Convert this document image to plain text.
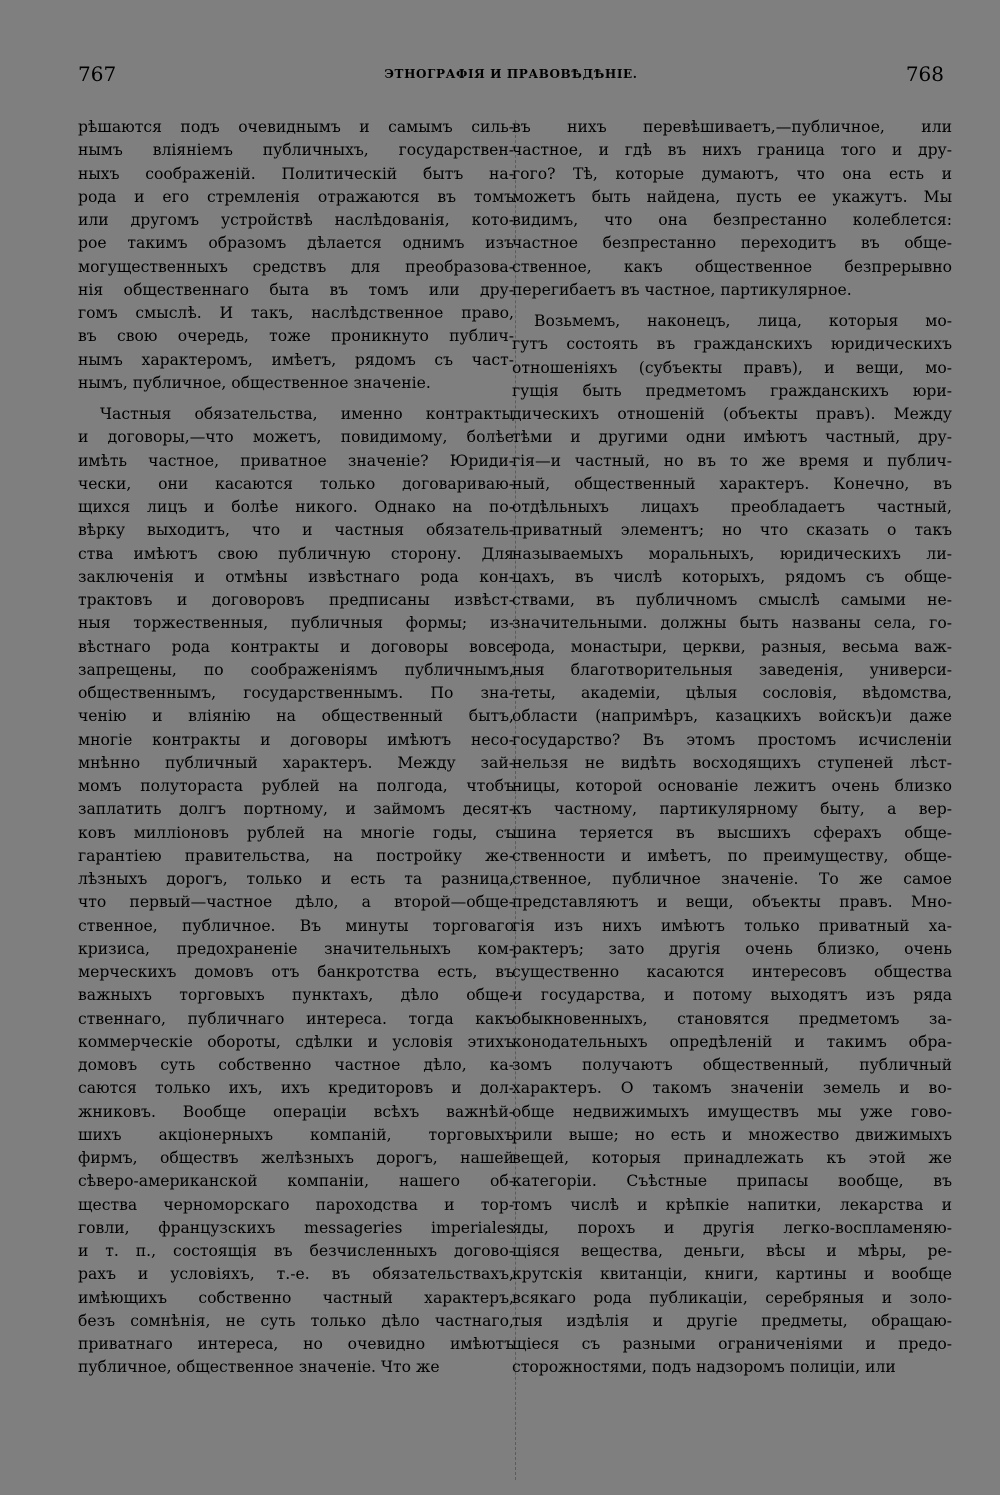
767	ЭТНОГРАФІЯ И ПРАВОВѢДѢНІЕ.	768
рѣшаются подъ очевиднымъ и самымъ силь-
нымъ вліяніемъ публичныхъ, государствен-
ныхъ соображеній. Политическій бытъ на-
рода и его стремленія отражаются въ томъ
или другомъ устройствѣ наслѣдованія, кото-
рое такимъ образомъ дѣлается однимъ изъ
могущественныхъ средствъ для преобразова-
нія общественнаго быта въ томъ или дру-
гомъ смыслѣ. И такъ, наслѣдственное право,
въ свою очередь, тоже проникнуто публич-
нымъ характеромъ, имѣетъ, рядомъ съ част-
нымъ, публичное, общественное значеніе.
Частныя обязательства, именно контракты
и договоры,—что можетъ, повидимому, болѣе
имѣть частное, приватное значеніе? Юриди-
чески, они касаются только договариваю-
щихся лицъ и болѣе никого. Однако на по-
вѣрку выходитъ, что и частныя обязатель-
ства имѣютъ свою публичную сторону. Для
заключенія и отмѣны извѣстнаго рода кон-
трактовъ и договоровъ предписаны извѣст-
ныя торжественныя, публичныя формы; из-
вѣстнаго рода контракты и договоры вовсе
запрещены, по соображеніямъ публичнымъ,
общественнымъ, государственнымъ. По зна-
ченію и вліянію на общественный бытъ,
многіе контракты и договоры имѣютъ несо-
мнѣнно публичный характеръ. Между зай-
момъ полутораста рублей на полгода, чтобъ
заплатить долгъ портному, и займомъ десят-
ковъ милліоновъ рублей на многіе годы, съ
гарантіею правительства, на постройку же-
лѣзныхъ дорогъ, только и есть та разница,
что первый—частное дѣло, а второй—обще-
ственное, публичное. Въ минуты торговаго
кризиса, предохраненіе значительныхъ ком-
мерческихъ домовъ отъ банкротства есть, въ
важныхъ торговыхъ пунктахъ, дѣло обще-
ственнаго, публичнаго интереса. тогда какъ
коммерческіе обороты, сдѣлки и условія этихъ
домовъ суть собственно частное дѣло, ка-
саются только ихъ, ихъ кредиторовъ и дол-
жниковъ. Вообще операціи всѣхъ важнѣй-
шихъ акціонерныхъ компаній, торговыхъ
фирмъ, обществъ желѣзныхъ дорогъ, нашей
сѣверо-американской компаніи, нашего об-
щества черноморскаго пароходства и тор-
говли, французскихъ messageries imperiales
и т. п., состоящія въ безчисленныхъ догово-
рахъ и условіяхъ, т.-е. въ обязательствахъ,
имѣющихъ собственно частный характеръ,
безъ сомнѣнія, не суть только дѣло частнаго,
приватнаго интереса, но очевидно имѣютъ
публичное, общественное значеніе. Что же
въ нихъ перевѣшиваетъ,—публичное, или
частное, и гдѣ въ нихъ граница того и дру-
гого? Тѣ, которые думаютъ, что она есть и
можетъ быть найдена, пусть ее укажутъ. Мы
видимъ, что она безпрестанно колеблется:
частное безпрестанно переходитъ въ обще-
ственное, какъ общественное безпрерывно
перегибаетъ въ частное, партикулярное.
Возьмемъ, наконецъ, лица, которыя мо-
гутъ состоять въ гражданскихъ юридическихъ
отношеніяхъ (субъекты правъ), и вещи, мо-
гущія быть предметомъ гражданскихъ юри-
дическихъ отношеній (объекты правъ). Между
тѣми и другими одни имѣютъ частный, дру-
гія—и частный, но въ то же время и публич-
ный, общественный характеръ. Конечно, въ
отдѣльныхъ лицахъ преобладаетъ частный,
приватный элементъ; но что сказать о такъ
называемыхъ моральныхъ, юридическихъ ли-
цахъ, въ числѣ которыхъ, рядомъ съ обще-
ствами, въ публичномъ смыслѣ самыми не-
значительными. должны быть названы села, го-
рода, монастыри, церкви, разныя, весьма важ-
ныя благотворительныя заведенія, универси-
теты, академіи, цѣлыя сословія, вѣдомства,
области (напримѣръ, казацкихъ войскъ)и даже
государство? Въ этомъ простомъ исчисленіи
нельзя не видѣть восходящихъ ступеней лѣст-
ницы, которой основаніе лежитъ очень близко
къ частному, партикулярному быту, а вер-
шина теряется въ высшихъ сферахъ обще-
ственности и имѣетъ, по преимуществу, обще-
ственное, публичное значеніе. То же самое
представляютъ и вещи, объекты правъ. Мно-
гія изъ нихъ имѣютъ только приватный ха-
рактеръ; зато другія очень близко, очень
существенно касаются интересовъ общества
и государства, и потому выходятъ изъ ряда
обыкновенныхъ, становятся предметомъ за-
конодательныхъ опредѣленій и такимъ обра-
зомъ получаютъ общественный, публичный
характеръ. О такомъ значеніи земель и во-
обще недвижимыхъ имуществъ мы уже гово-
рили выше; но есть и множество движимыхъ
вещей, которыя принадлежать къ этой же
категоріи. Съѣстные припасы вообще, въ
томъ числѣ и крѣпкіе напитки, лекарства и
яды, порохъ и другія легко-воспламеняю-
щіяся вещества, деньги, вѣсы и мѣры, ре-
крутскія квитанціи, книги, картины и вообще
всякаго рода публикаціи, серебряныя и золо-
тыя издѣлія и другіе предметы, обращаю-
щіеся съ разными ограниченіями и предо-
сторожностями, подъ надзоромъ полиціи, или
